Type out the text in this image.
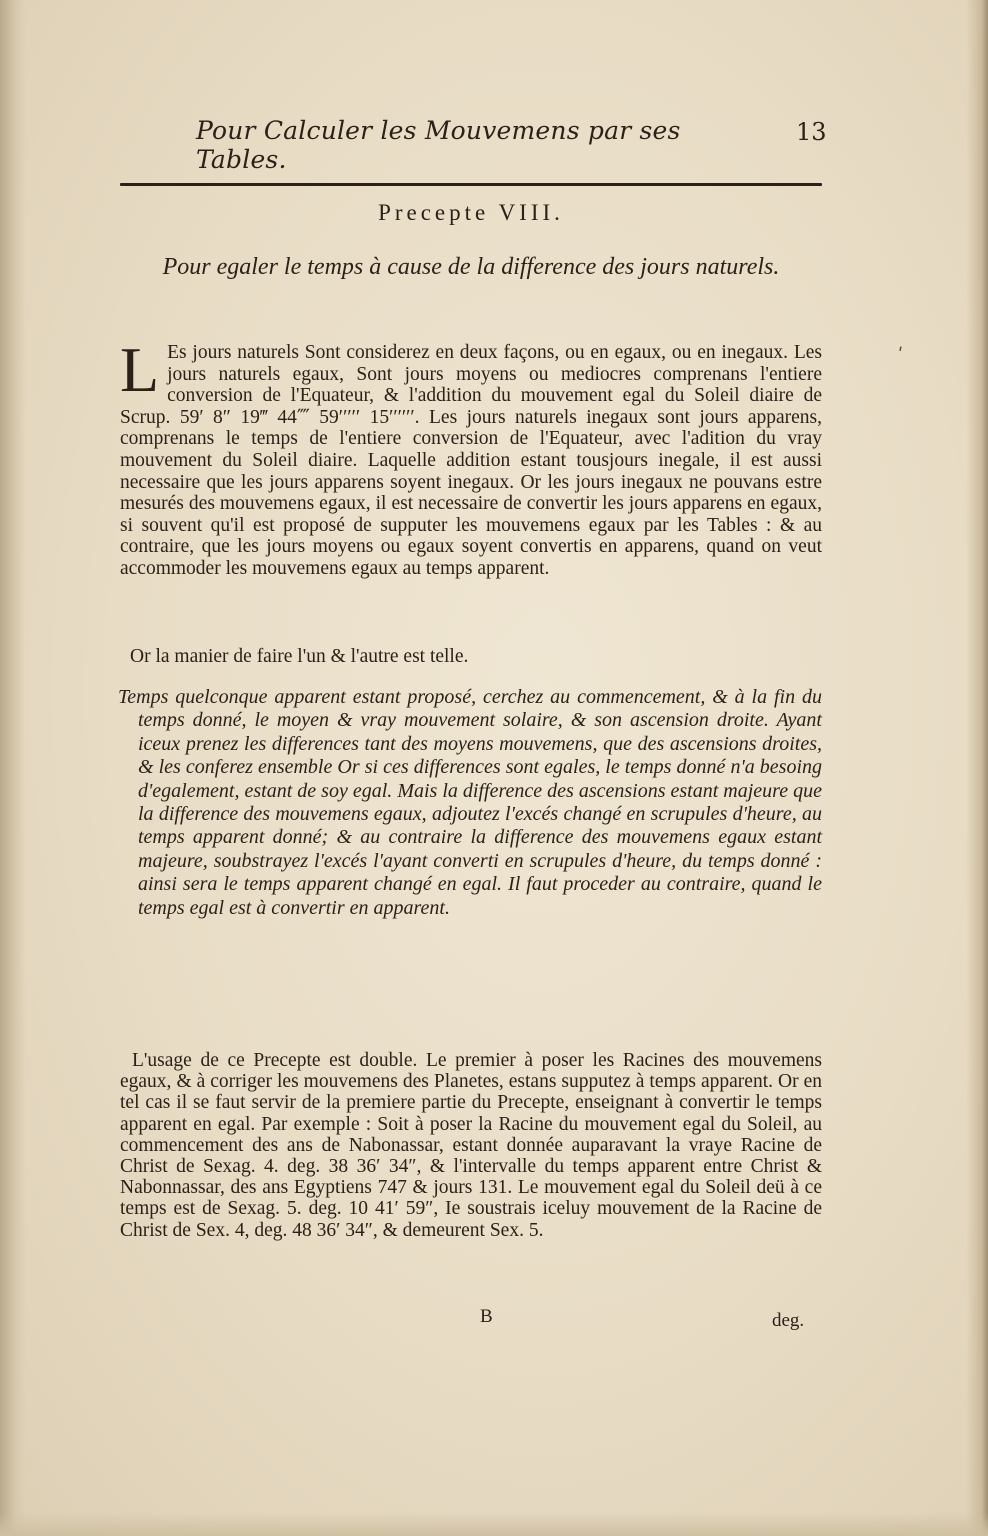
Pour Calculer les Mouvemens par ses Tables.
13
Precepte VIII.
Pour egaler le temps à cause de la difference des jours naturels.
L Es jours naturels Sont considerez en deux façons, ou en egaux, ou en inegaux. Les jours naturels egaux, Sont jours moyens ou mediocres comprenans l'entiere conversion de l'Equateur, & l'addition du mouvement egal du Soleil diaire de Scrup. 59′ 8″ 19‴ 44⁗ 59′′′′′ 15′′′′′′. Les jours naturels inegaux sont jours apparens, comprenans le temps de l'entiere conversion de l'Equateur, avec l'adition du vray mouvement du Soleil diaire. Laquelle addition estant tousjours inegale, il est aussi necessaire que les jours apparens soyent inegaux. Or les jours inegaux ne pouvans estre mesurés des mouvemens egaux, il est necessaire de convertir les jours apparens en egaux, si souvent qu'il est proposé de supputer les mouvemens egaux par les Tables : & au contraire, que les jours moyens ou egaux soyent convertis en apparens, quand on veut accommoder les mouvemens egaux au temps apparent.
ʹ
Or la manier de faire l'un & l'autre est telle.
Temps quelconque apparent estant proposé, cerchez au commencement, & à la fin du temps donné, le moyen & vray mouvement solaire, & son ascension droite. Ayant iceux prenez les differences tant des moyens mouvemens, que des ascensions droites, & les conferez ensemble Or si ces differences sont egales, le temps donné n'a besoing d'egalement, estant de soy egal. Mais la difference des ascensions estant majeure que la difference des mouvemens egaux, adjoutez l'excés changé en scrupules d'heure, au temps apparent donné; & au contraire la difference des mouvemens egaux estant majeure, soubstrayez l'excés l'ayant converti en scrupules d'heure, du temps donné : ainsi sera le temps apparent changé en egal. Il faut proceder au contraire, quand le temps egal est à convertir en apparent.
L'usage de ce Precepte est double. Le premier à poser les Racines des mouvemens egaux, & à corriger les mouvemens des Planetes, estans supputez à temps apparent. Or en tel cas il se faut servir de la premiere partie du Precepte, enseignant à convertir le temps apparent en egal. Par exemple : Soit à poser la Racine du mouvement egal du Soleil, au commencement des ans de Nabonassar, estant donnée auparavant la vraye Racine de Christ de Sexag. 4. deg. 38 36′ 34″, & l'intervalle du temps apparent entre Christ & Nabonnassar, des ans Egyptiens 747 & jours 131. Le mouvement egal du Soleil deü à ce temps est de Sexag. 5. deg. 10 41′ 59″, Ie soustrais iceluy mouvement de la Racine de Christ de Sex. 4, deg. 48 36′ 34″, & demeurent Sex. 5.
B	deg.
